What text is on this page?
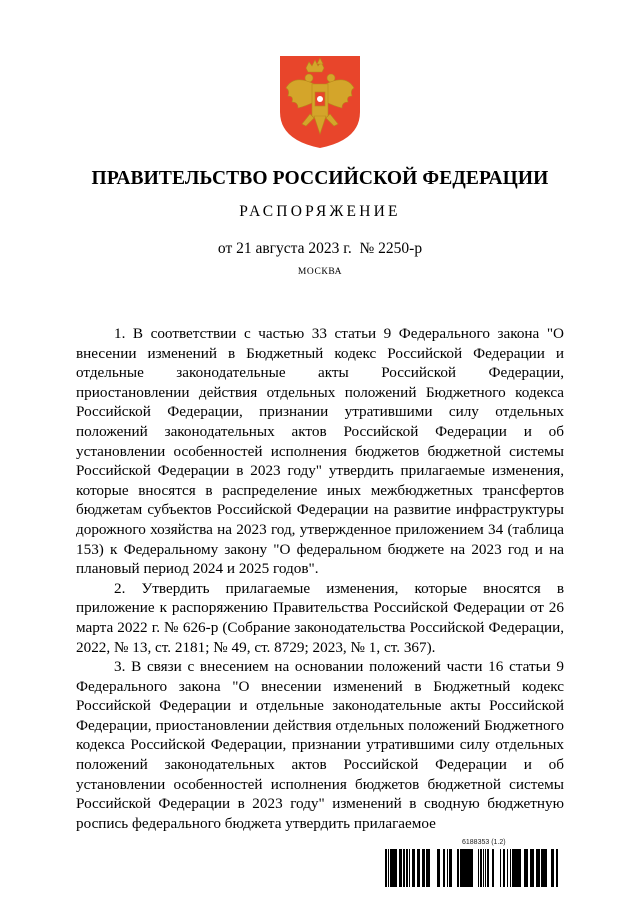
ПРАВИТЕЛЬСТВО РОССИЙСКОЙ ФЕДЕРАЦИИ
РАСПОРЯЖЕНИЕ
от 21 августа 2023 г.  № 2250-р
МОСКВА

1. В соответствии с частью 33 статьи 9 Федерального закона "О внесении изменений в Бюджетный кодекс Российской Федерации и отдельные законодательные акты Российской Федерации, приостановлении действия отдельных положений Бюджетного кодекса Российской Федерации, признании утратившими силу отдельных положений законодательных актов Российской Федерации и об установлении особенностей исполнения бюджетов бюджетной системы Российской Федерации в 2023 году" утвердить прилагаемые изменения, которые вносятся в распределение иных межбюджетных трансфертов бюджетам субъектов Российской Федерации на развитие инфраструктуры дорожного хозяйства на 2023 год, утвержденное приложением 34 (таблица 153) к Федеральному закону "О федеральном бюджете на 2023 год и на плановый период 2024 и 2025 годов".

2. Утвердить прилагаемые изменения, которые вносятся в приложение к распоряжению Правительства Российской Федерации от 26 марта 2022 г. № 626-р (Собрание законодательства Российской Федерации, 2022, № 13, ст. 2181; № 49, ст. 8729; 2023, № 1, ст. 367).

3. В связи с внесением на основании положений части 16 статьи 9 Федерального закона "О внесении изменений в Бюджетный кодекс Российской Федерации и отдельные законодательные акты Российской Федерации, приостановлении действия отдельных положений Бюджетного кодекса Российской Федерации, признании утратившими силу отдельных положений законодательных актов Российской Федерации и об установлении особенностей исполнения бюджетов бюджетной системы Российской Федерации в 2023 году" изменений в сводную бюджетную роспись федерального бюджета утвердить прилагаемое

6188353 (1.2)
